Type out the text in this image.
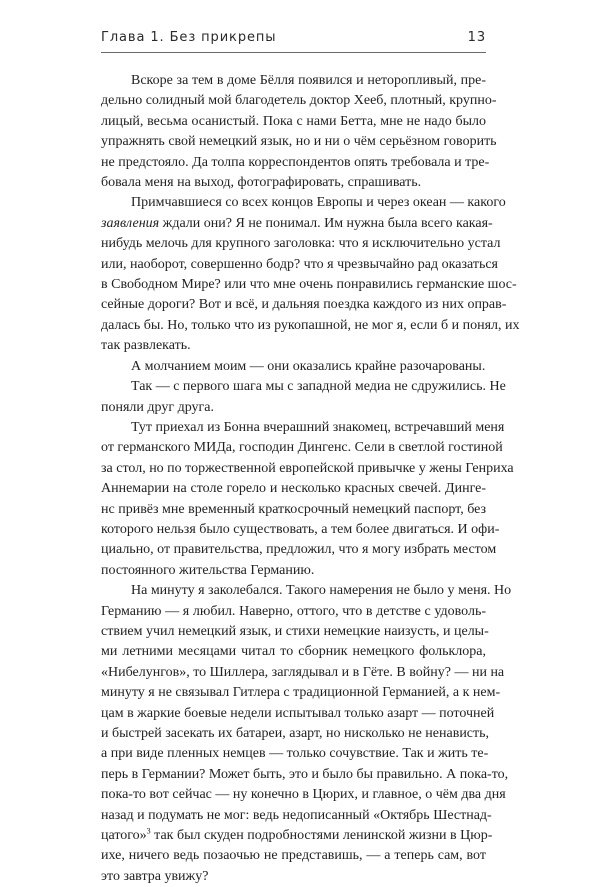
Глава 1. Без прикрепы	13

Вскоре за тем в доме Бёлля появился и неторопливый, пре-
дельно солидный мой благодетель доктор Хееб, плотный, крупно-
лицый, весьма осанистый. Пока с нами Бетта, мне не надо было
упражнять свой немецкий язык, но и ни о чём серьёзном говорить
не предстояло. Да толпа корреспондентов опять требовала и тре-
бовала меня на выход, фотографировать, спрашивать.

Примчавшиеся со всех концов Европы и через океан — какого
заявления ждали они? Я не понимал. Им нужна была всего какая-
нибудь мелочь для крупного заголовка: что я исключительно устал
или, наоборот, совершенно бодр? что я чрезвычайно рад оказаться
в Свободном Мире? или что мне очень понравились германские шос-
сейные дороги? Вот и всё, и дальняя поездка каждого из них оправ-
далась бы. Но, только что из рукопашной, не мог я, если б и понял, их
так развлекать.

А молчанием моим — они оказались крайне разочарованы.

Так — с первого шага мы с западной медиа не сдружились. Не
поняли друг друга.

Тут приехал из Бонна вчерашний знакомец, встречавший меня
от германского МИДа, господин Дингенс. Сели в светлой гостиной
за стол, но по торжественной европейской привычке у жены Генриха
Аннемарии на столе горело и несколько красных свечей. Динге-
нс привёз мне временный краткосрочный немецкий паспорт, без
которого нельзя было существовать, а тем более двигаться. И офи-
циально, от правительства, предложил, что я могу избрать местом
постоянного жительства Германию.

На минуту я заколебался. Такого намерения не было у меня. Но
Германию — я любил. Наверно, оттого, что в детстве с удоволь-
ствием учил немецкий язык, и стихи немецкие наизусть, и целы-
ми летними месяцами читал то сборник немецкого фольклора,
«Нибелунгов», то Шиллера, заглядывал и в Гёте. В войну? — ни на
минуту я не связывал Гитлера с традиционной Германией, а к нем-
цам в жаркие боевые недели испытывал только азарт — поточней
и быстрей засекать их батареи, азарт, но нисколько не ненависть,
а при виде пленных немцев — только сочувствие. Так и жить те-
перь в Германии? Может быть, это и было бы правильно. А пока-то,
пока-то вот сейчас — ну конечно в Цюрих, и главное, о чём два дня
назад и подумать не мог: ведь недописанный «Октябрь Шестнад-
цатого»$^3$ так был скуден подробностями ленинской жизни в Цюр-
ихе, ничего ведь позаочью не представишь, — а теперь сам, вот
это завтра увижу?
